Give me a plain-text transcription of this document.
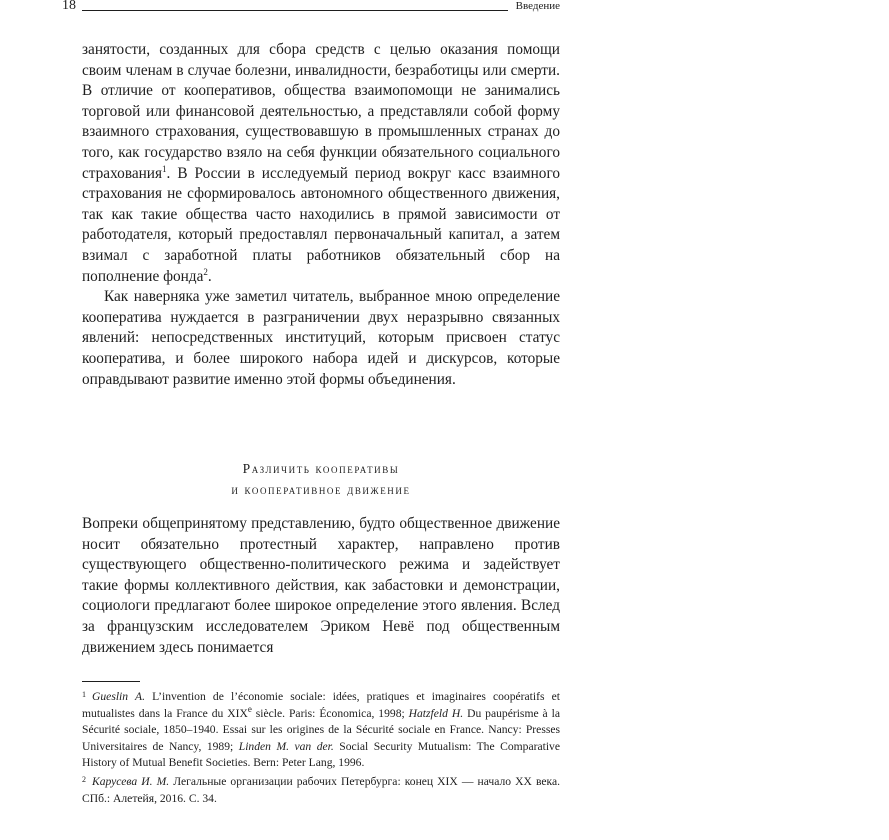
18	Введение

занятости, созданных для сбора средств с целью оказания помощи своим членам в случае болезни, инвалидности, безработицы или смерти. В отличие от кооперативов, общества взаимопомощи не занимались торговой или финансовой деятельностью, а представляли собой форму взаимного страхования, существовавшую в промышленных странах до того, как государство взяло на себя функции обязательного социального страхования$^1$. В России в исследуемый период вокруг касс взаимного страхования не сформировалось автономного общественного движения, так как такие общества часто находились в прямой зависимости от работодателя, который предоставлял первоначальный капитал, а затем взимал с заработной платы работников обязательный сбор на пополнение фонда$^2$.

Как наверняка уже заметил читатель, выбранное мною определение кооператива нуждается в разграничении двух неразрывно связанных явлений: непосредственных институций, которым присвоен статус кооператива, и более широкого набора идей и дискурсов, которые оправдывают развитие именно этой формы объединения.

Различить кооперативы
и кооперативное движение

Вопреки общепринятому представлению, будто общественное движение носит обязательно протестный характер, направлено против существующего общественно-политического режима и задействует такие формы коллективного действия, как забастовки и демонстрации, социологи предлагают более широкое определение этого явления. Вслед за французским исследователем Эриком Невё под общественным движением здесь понимается

$^1$ Gueslin A. L’invention de l’économie sociale: idées, pratiques et imaginaires coopératifs et mutualistes dans la France du XIXe siècle. Paris: Économica, 1998; Hatzfeld H. Du paupérisme à la Sécurité sociale, 1850–1940. Essai sur les origines de la Sécurité sociale en France. Nancy: Presses Universitaires de Nancy, 1989; Linden M. van der. Social Security Mutualism: The Comparative History of Mutual Benefit Societies. Bern: Peter Lang, 1996.

$^2$ Карусева И. М. Легальные организации рабочих Петербурга: конец XIX — начало XX века. СПб.: Алетейя, 2016. С. 34.
